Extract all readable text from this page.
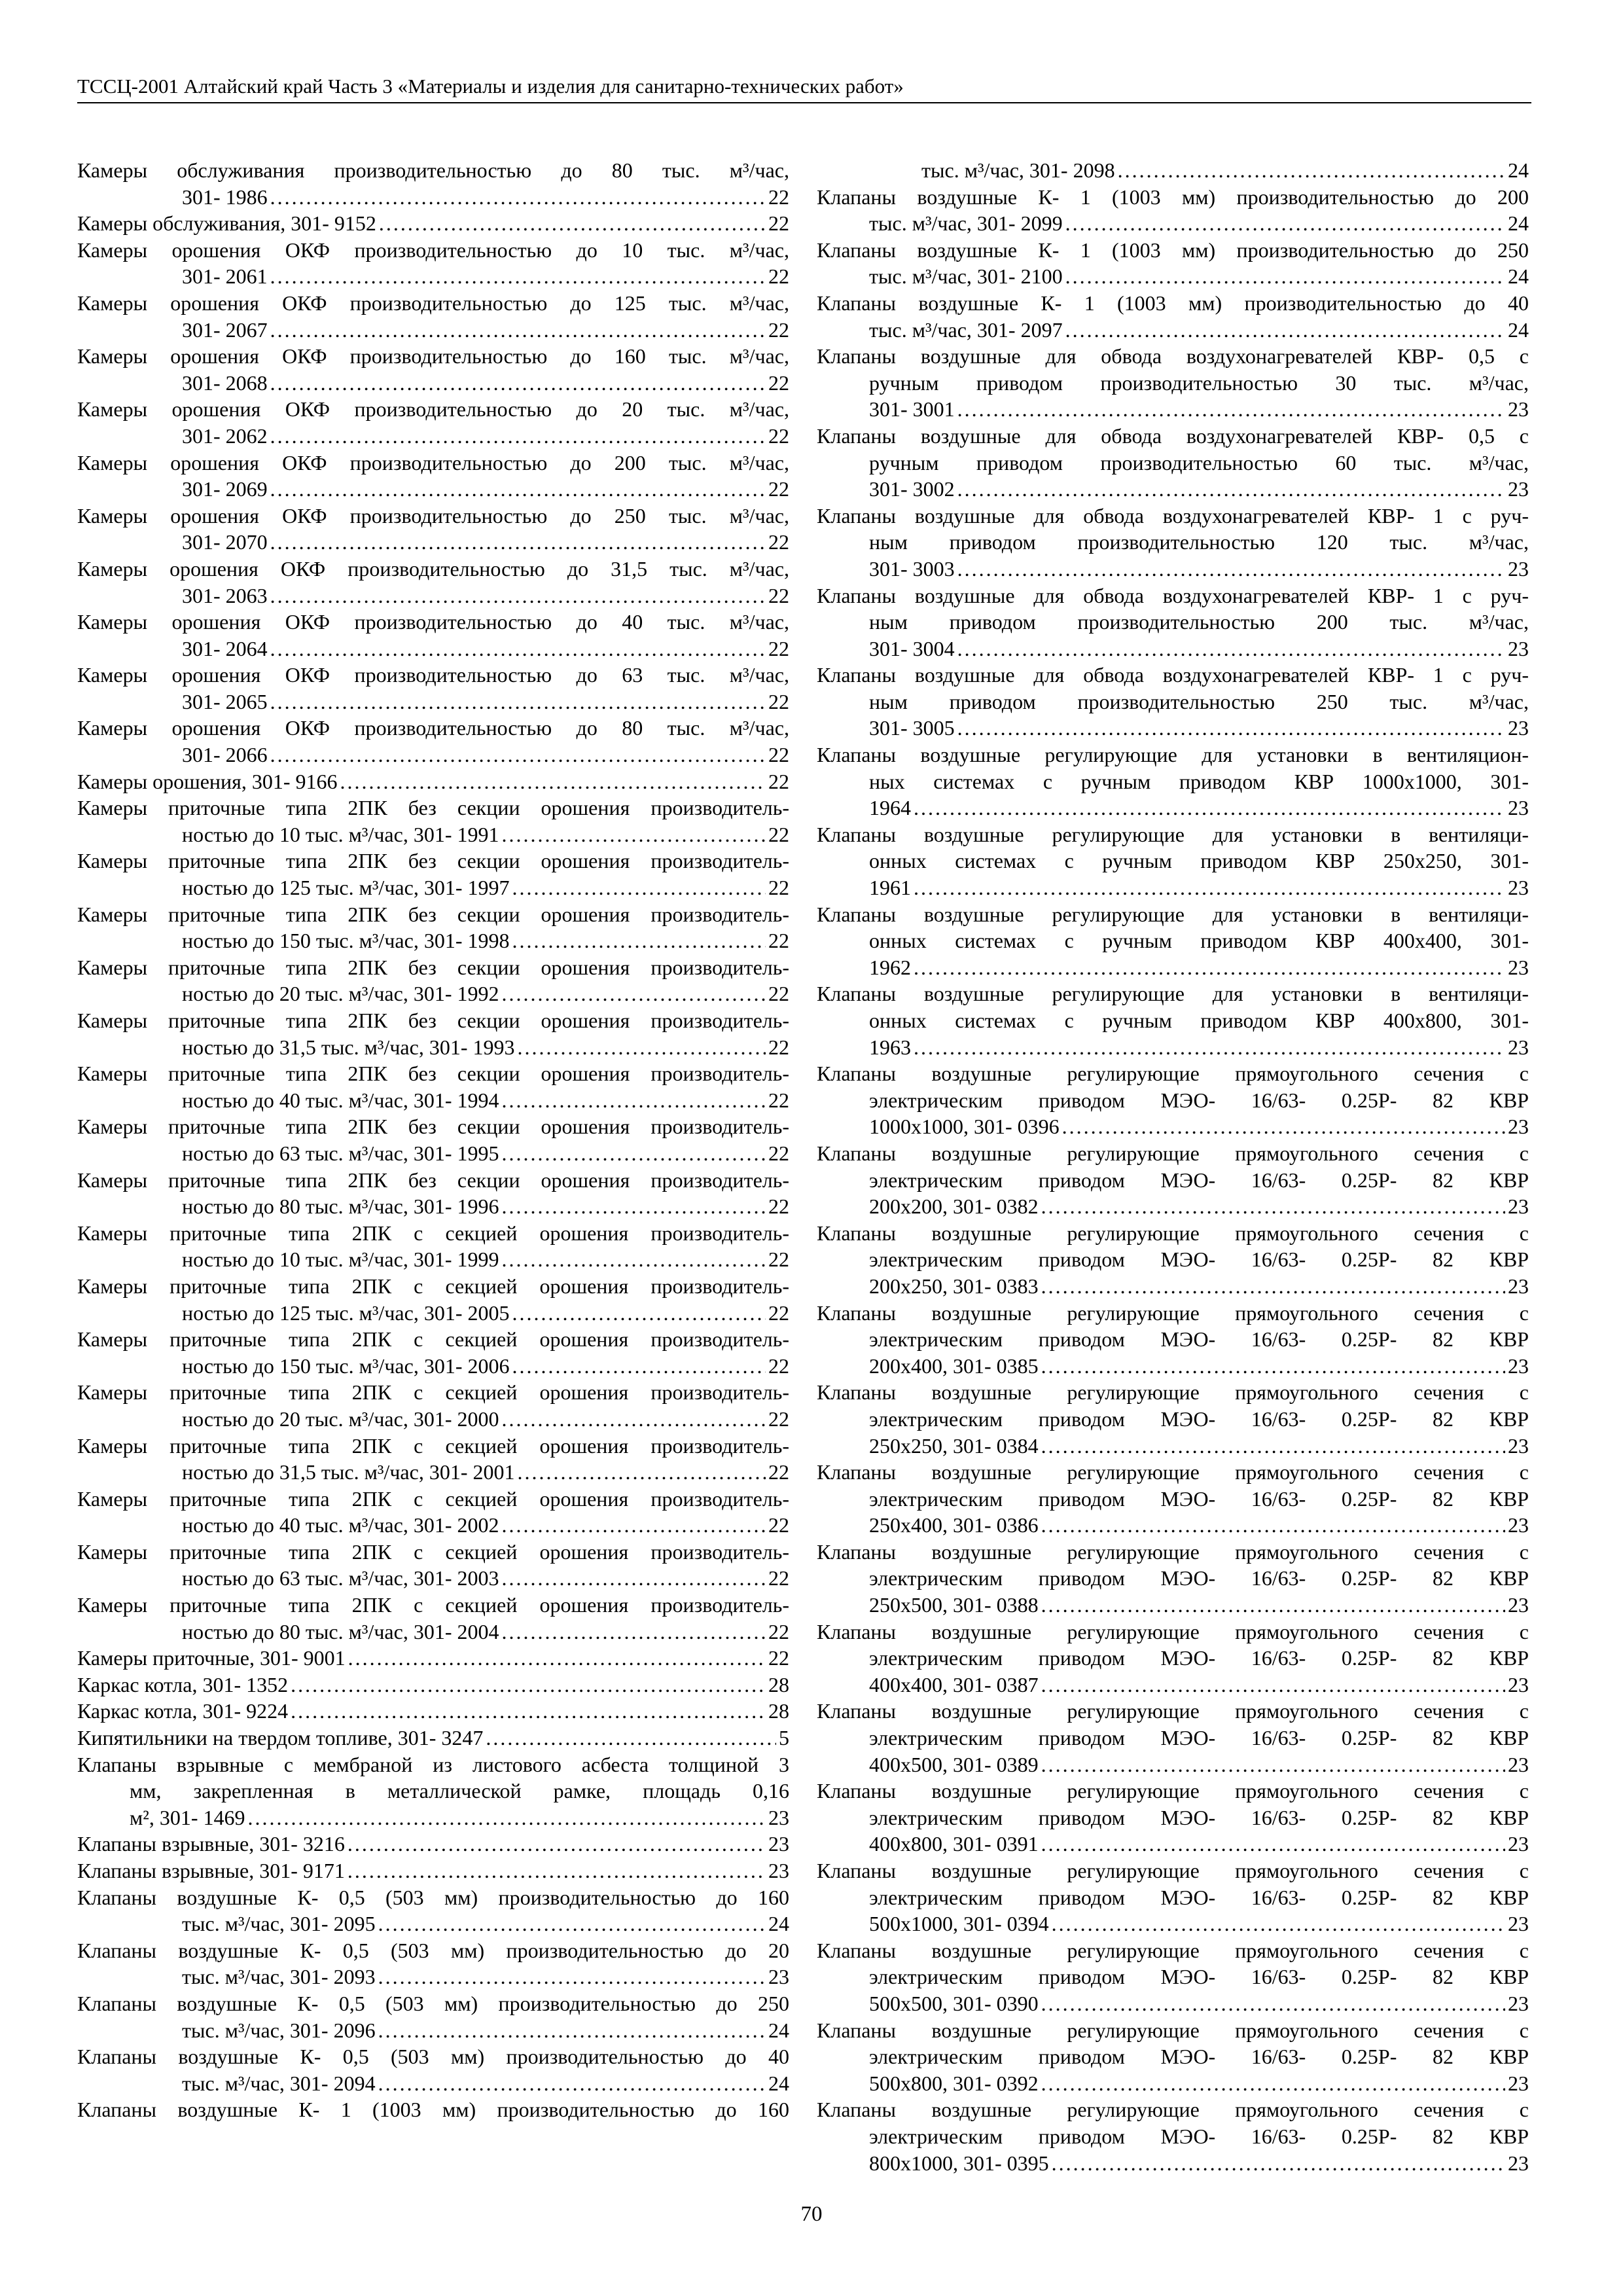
ТССЦ-2001 Алтайский край Часть 3 «Материалы и изделия для санитарно-технических работ»
Камеры обслуживания производительностью до 80 тыс. м³/час,
301- 1986 .....	22
Камеры обслуживания, 301- 9152 .....	22
Камеры орошения ОКФ производительностью до 10 тыс. м³/час,
301- 2061 .....	22
Камеры орошения ОКФ производительностью до 125 тыс. м³/час,
301- 2067 .....	22
Камеры орошения ОКФ производительностью до 160 тыс. м³/час,
301- 2068 .....	22
Камеры орошения ОКФ производительностью до 20 тыс. м³/час,
301- 2062 .....	22
Камеры орошения ОКФ производительностью до 200 тыс. м³/час,
301- 2069 .....	22
Камеры орошения ОКФ производительностью до 250 тыс. м³/час,
301- 2070 .....	22
Камеры орошения ОКФ производительностью до 31,5 тыс. м³/час,
301- 2063 .....	22
Камеры орошения ОКФ производительностью до 40 тыс. м³/час,
301- 2064 .....	22
Камеры орошения ОКФ производительностью до 63 тыс. м³/час,
301- 2065 .....	22
Камеры орошения ОКФ производительностью до 80 тыс. м³/час,
301- 2066 .....	22
Камеры орошения, 301- 9166 .....	22
Камеры приточные типа 2ПК без секции орошения производитель-
ностью до 10 тыс. м³/час, 301- 1991 .....	22
Камеры приточные типа 2ПК без секции орошения производитель-
ностью до 125 тыс. м³/час, 301- 1997 .....	22
Камеры приточные типа 2ПК без секции орошения производитель-
ностью до 150 тыс. м³/час, 301- 1998 .....	22
Камеры приточные типа 2ПК без секции орошения производитель-
ностью до 20 тыс. м³/час, 301- 1992 .....	22
Камеры приточные типа 2ПК без секции орошения производитель-
ностью до 31,5 тыс. м³/час, 301- 1993 .....	22
Камеры приточные типа 2ПК без секции орошения производитель-
ностью до 40 тыс. м³/час, 301- 1994 .....	22
Камеры приточные типа 2ПК без секции орошения производитель-
ностью до 63 тыс. м³/час, 301- 1995 .....	22
Камеры приточные типа 2ПК без секции орошения производитель-
ностью до 80 тыс. м³/час, 301- 1996 .....	22
Камеры приточные типа 2ПК с секцией орошения производитель-
ностью до 10 тыс. м³/час, 301- 1999 .....	22
Камеры приточные типа 2ПК с секцией орошения производитель-
ностью до 125 тыс. м³/час, 301- 2005 .....	22
Камеры приточные типа 2ПК с секцией орошения производитель-
ностью до 150 тыс. м³/час, 301- 2006 .....	22
Камеры приточные типа 2ПК с секцией орошения производитель-
ностью до 20 тыс. м³/час, 301- 2000 .....	22
Камеры приточные типа 2ПК с секцией орошения производитель-
ностью до 31,5 тыс. м³/час, 301- 2001 .....	22
Камеры приточные типа 2ПК с секцией орошения производитель-
ностью до 40 тыс. м³/час, 301- 2002 .....	22
Камеры приточные типа 2ПК с секцией орошения производитель-
ностью до 63 тыс. м³/час, 301- 2003 .....	22
Камеры приточные типа 2ПК с секцией орошения производитель-
ностью до 80 тыс. м³/час, 301- 2004 .....	22
Камеры приточные, 301- 9001 .....	22
Каркас котла, 301- 1352 .....	28
Каркас котла, 301- 9224 .....	28
Кипятильники на твердом топливе, 301- 3247 .....	5
Клапаны взрывные с мембраной из листового асбеста толщиной 3
мм, закрепленная в металлической рамке, площадь 0,16
м², 301- 1469 .....	23
Клапаны взрывные, 301- 3216 .....	23
Клапаны взрывные, 301- 9171 .....	23
Клапаны воздушные К- 0,5 (503 мм) производительностью до 160
тыс. м³/час, 301- 2095 .....	24
Клапаны воздушные К- 0,5 (503 мм) производительностью до 20
тыс. м³/час, 301- 2093 .....	23
Клапаны воздушные К- 0,5 (503 мм) производительностью до 250
тыс. м³/час, 301- 2096 .....	24
Клапаны воздушные К- 0,5 (503 мм) производительностью до 40
тыс. м³/час, 301- 2094 .....	24
Клапаны воздушные К- 1 (1003 мм) производительностью до 160
тыс. м³/час, 301- 2098 .....	24
Клапаны воздушные К- 1 (1003 мм) производительностью до 200
тыс. м³/час, 301- 2099 .....	24
Клапаны воздушные К- 1 (1003 мм) производительностью до 250
тыс. м³/час, 301- 2100 .....	24
Клапаны воздушные К- 1 (1003 мм) производительностью до 40
тыс. м³/час, 301- 2097 .....	24
Клапаны воздушные для обвода воздухонагревателей КВР- 0,5 с
ручным приводом производительностью 30 тыс. м³/час,
301- 3001 .....	23
Клапаны воздушные для обвода воздухонагревателей КВР- 0,5 с
ручным приводом производительностью 60 тыс. м³/час,
301- 3002 .....	23
Клапаны воздушные для обвода воздухонагревателей КВР- 1 с руч-
ным приводом производительностью 120 тыс. м³/час,
301- 3003 .....	23
Клапаны воздушные для обвода воздухонагревателей КВР- 1 с руч-
ным приводом производительностью 200 тыс. м³/час,
301- 3004 .....	23
Клапаны воздушные для обвода воздухонагревателей КВР- 1 с руч-
ным приводом производительностью 250 тыс. м³/час,
301- 3005 .....	23
Клапаны воздушные регулирующие для установки в вентиляцион-
ных системах с ручным приводом КВР 1000х1000, 301-
1964 .....	23
Клапаны воздушные регулирующие для установки в вентиляци-
онных системах с ручным приводом КВР 250х250, 301-
1961 .....	23
Клапаны воздушные регулирующие для установки в вентиляци-
онных системах с ручным приводом КВР 400х400, 301-
1962 .....	23
Клапаны воздушные регулирующие для установки в вентиляци-
онных системах с ручным приводом КВР 400х800, 301-
1963 .....	23
Клапаны воздушные регулирующие прямоугольного сечения с
электрическим приводом МЭО- 16/63- 0.25Р- 82 КВР
1000х1000, 301- 0396 .....	23
Клапаны воздушные регулирующие прямоугольного сечения с
электрическим приводом МЭО- 16/63- 0.25Р- 82 КВР
200х200, 301- 0382 .....	23
Клапаны воздушные регулирующие прямоугольного сечения с
электрическим приводом МЭО- 16/63- 0.25Р- 82 КВР
200х250, 301- 0383 .....	23
Клапаны воздушные регулирующие прямоугольного сечения с
электрическим приводом МЭО- 16/63- 0.25Р- 82 КВР
200х400, 301- 0385 .....	23
Клапаны воздушные регулирующие прямоугольного сечения с
электрическим приводом МЭО- 16/63- 0.25Р- 82 КВР
250х250, 301- 0384 .....	23
Клапаны воздушные регулирующие прямоугольного сечения с
электрическим приводом МЭО- 16/63- 0.25Р- 82 КВР
250х400, 301- 0386 .....	23
Клапаны воздушные регулирующие прямоугольного сечения с
электрическим приводом МЭО- 16/63- 0.25Р- 82 КВР
250х500, 301- 0388 .....	23
Клапаны воздушные регулирующие прямоугольного сечения с
электрическим приводом МЭО- 16/63- 0.25Р- 82 КВР
400х400, 301- 0387 .....	23
Клапаны воздушные регулирующие прямоугольного сечения с
электрическим приводом МЭО- 16/63- 0.25Р- 82 КВР
400х500, 301- 0389 .....	23
Клапаны воздушные регулирующие прямоугольного сечения с
электрическим приводом МЭО- 16/63- 0.25Р- 82 КВР
400х800, 301- 0391 .....	23
Клапаны воздушные регулирующие прямоугольного сечения с
электрическим приводом МЭО- 16/63- 0.25Р- 82 КВР
500х1000, 301- 0394 .....	23
Клапаны воздушные регулирующие прямоугольного сечения с
электрическим приводом МЭО- 16/63- 0.25Р- 82 КВР
500х500, 301- 0390 .....	23
Клапаны воздушные регулирующие прямоугольного сечения с
электрическим приводом МЭО- 16/63- 0.25Р- 82 КВР
500х800, 301- 0392 .....	23
Клапаны воздушные регулирующие прямоугольного сечения с
электрическим приводом МЭО- 16/63- 0.25Р- 82 КВР
800х1000, 301- 0395 .....	23
70
